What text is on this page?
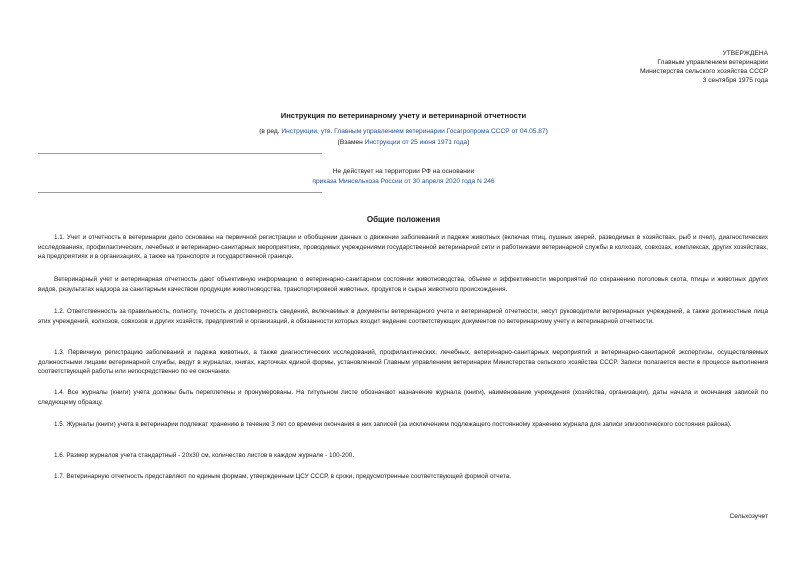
УТВЕРЖДЕНА
Главным управлением ветеринарии
Министерства сельского хозяйства СССР
3 сентября 1975 года
Инструкция по ветеринарному учету и ветеринарной отчетности
(в ред. Инструкции, утв. Главным управлением ветеринарии Госагропрома СССР от 04.05.87)
(Взамен Инструкции от 25 июня 1971 года)
Не действует на территории РФ на основании
приказа Минсельхоза России от 30 апреля 2020 года N 246
Общие положения

1.1. Учет и отчетность в ветеринарии дело основаны на первичной регистрации и обобщении данных о движении заболеваний и падеже животных (включая птиц, пушных зверей, разводимых в хозяйствах, рыб и пчел), диагностических исследованиях, профилактических, лечебных и ветеринарно-санитарных мероприятиях, проводимых учреждениями государственной ветеринарной сети и работниками ветеринарной службы в колхозах, совхозах, комплексах, других хозяйствах, на предприятиях и в организациях, а также на транспорте и государственной границе.

Ветеринарный учет и ветеринарная отчетность дают объективную информацию о ветеринарно-санитарном состоянии животноводства, объеме и эффективности мероприятий по сохранению поголовья скота, птицы и животных других видов, результатах надзора за санитарным качеством продукции животноводства, транспортировкой животных, продуктов и сырья животного происхождения.

1.2. Ответственность за правильность, полноту, точность и достоверность сведений, включаемых в документы ветеринарного учета и ветеринарной отчетности, несут руководители ветеринарных учреждений, а также должностные лица этих учреждений, колхозов, совхозов и других хозяйств, предприятий и организаций, в обязанности которых входит ведение соответствующих документов по ветеринарному учету и ветеринарной отчетности.

1.3. Первичную регистрацию заболеваний и падежа животных, а также диагностических исследований, профилактических, лечебных, ветеринарно-санитарных мероприятий и ветеринарно-санитарной экспертизы, осуществляемых должностными лицами ветеринарной службы, ведут в журналах, книгах, карточках единой формы, установленной Главным управлением ветеринарии Министерства сельского хозяйства СССР. Записи полагается вести в процессе выполнения соответствующей работы или непосредственно по ее окончании.

1.4. Все журналы (книги) учета должны быть переплетены и пронумерованы. На титульном листе обозначают назначение журнала (книги), наименование учреждения (хозяйства, организации), даты начала и окончания записей по следующему образцу.

1.5. Журналы (книги) учета в ветеринарии подлежат хранению в течение 3 лет со времени окончания в них записей (за исключением подлежащего постоянному хранению журнала для записи эпизоотического состояния района).

1.6. Размер журналов учета стандартный - 20x30 см, количество листов в каждом журнале - 100-200.

1.7. Ветеринарную отчетность представляют по единым формам, утвержденным ЦСУ СССР, в сроки, предусмотренные соответствующей формой отчета.

Сельхозучет
